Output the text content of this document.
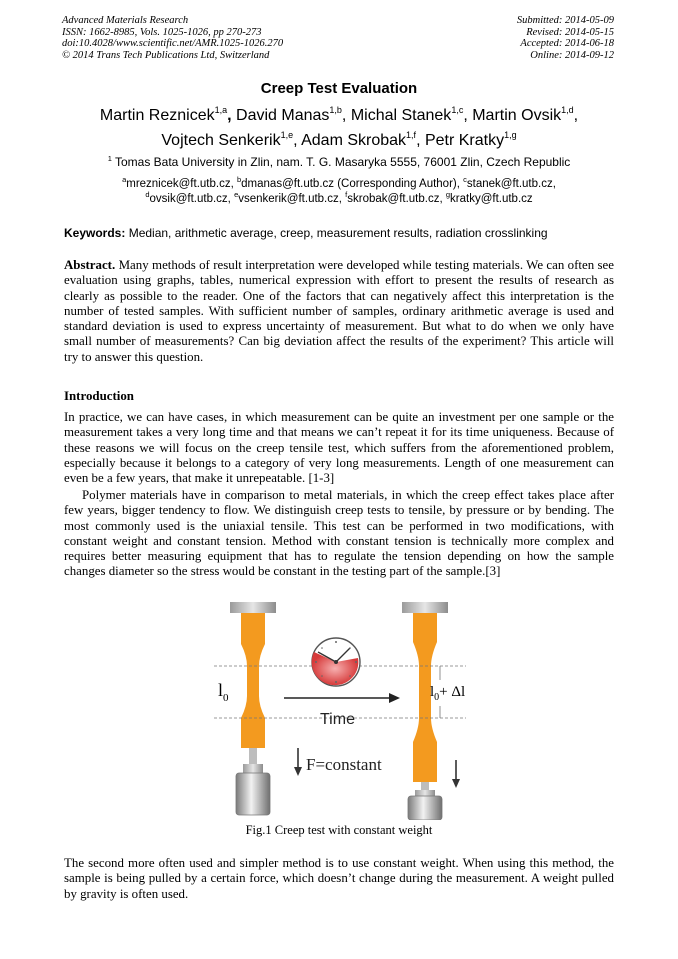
Advanced Materials Research
ISSN: 1662-8985, Vols. 1025-1026, pp 270-273
doi:10.4028/www.scientific.net/AMR.1025-1026.270
© 2014 Trans Tech Publications Ltd, Switzerland
Submitted: 2014-05-09
Revised: 2014-05-15
Accepted: 2014-06-18
Online: 2014-09-12
Creep Test Evaluation
Martin Reznicek$^{1,a}$, David Manas$^{1,b}$, Michal Stanek$^{1,c}$, Martin Ovsik$^{1,d}$,
Vojtech Senkerik$^{1,e}$, Adam Skrobak$^{1,f}$, Petr Kratky$^{1,g}$
$^1$ Tomas Bata University in Zlin, nam. T. G. Masaryka 5555, 76001 Zlin, Czech Republic
$^a$mreznicek@ft.utb.cz, $^b$dmanas@ft.utb.cz (Corresponding Author), $^c$stanek@ft.utb.cz,
$^d$ovsik@ft.utb.cz, $^e$vsenkerik@ft.utb.cz, $^f$skrobak@ft.utb.cz, $^g$kratky@ft.utb.cz
Keywords: Median, arithmetic average, creep, measurement results, radiation crosslinking
Abstract. Many methods of result interpretation were developed while testing materials. We can often see evaluation using graphs, tables, numerical expression with effort to present the results of research as clearly as possible to the reader. One of the factors that can negatively affect this interpretation is the number of tested samples. With sufficient number of samples, ordinary arithmetic average is used and standard deviation is used to express uncertainty of measurement. But what to do when we only have small number of measurements? Can big deviation affect the results of the experiment? This article will try to answer this question.
Introduction
In practice, we can have cases, in which measurement can be quite an investment per one sample or the measurement takes a very long time and that means we can’t repeat it for its time uniqueness. Because of these reasons we will focus on the creep tensile test, which suffers from the aforementioned problem, especially because it belongs to a category of very long measurements. Length of one measurement can even be a few years, that make it unrepeatable. [1-3]
Polymer materials have in comparison to metal materials, in which the creep effect takes place after few years, bigger tendency to flow. We distinguish creep tests to tensile, by pressure or by bending. The most commonly used is the uniaxial tensile. This test can be performed in two modifications, with constant weight and constant tension. Method with constant tension is technically more complex and requires better measuring equipment that has to regulate the tension depending on how the sample changes diameter so the stress would be constant in the testing part of the sample.[3]
$l_0$	$l_0+ \Delta l$
Time
F=constant
Fig.1 Creep test with constant weight
The second more often used and simpler method is to use constant weight. When using this method, the sample is being pulled by a certain force, which doesn’t change during the measurement. A weight pulled by gravity is often used.
